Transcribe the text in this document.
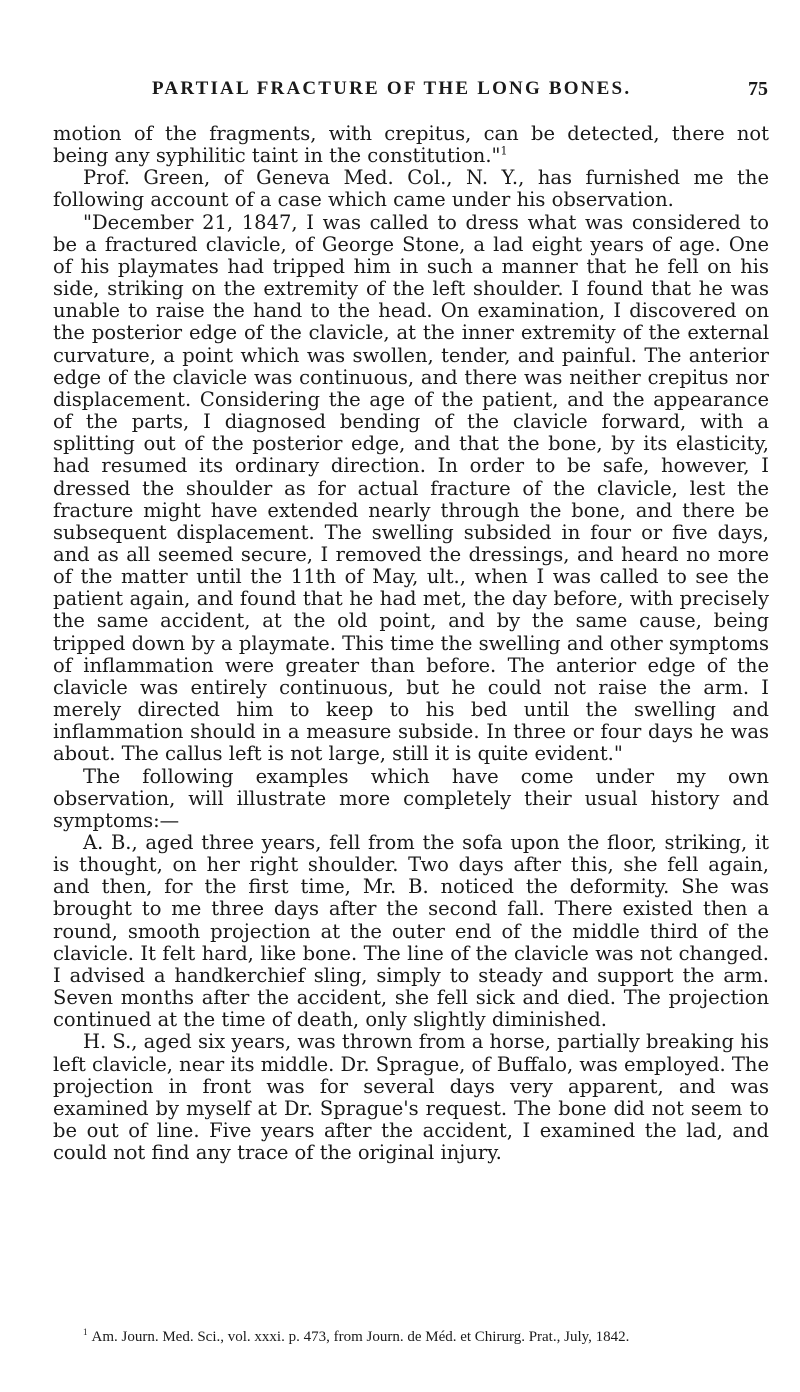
PARTIAL FRACTURE OF THE LONG BONES.	75

motion of the fragments, with crepitus, can be detected, there not being any syphilitic taint in the constitution."$^1$

Prof. Green, of Geneva Med. Col., N. Y., has furnished me the following account of a case which came under his observation.

"December 21, 1847, I was called to dress what was considered to be a fractured clavicle, of George Stone, a lad eight years of age. One of his playmates had tripped him in such a manner that he fell on his side, striking on the extremity of the left shoulder. I found that he was unable to raise the hand to the head. On examination, I discovered on the posterior edge of the clavicle, at the inner extremity of the external curvature, a point which was swollen, tender, and painful. The anterior edge of the clavicle was continuous, and there was neither crepitus nor displacement. Considering the age of the patient, and the appearance of the parts, I diagnosed bending of the clavicle forward, with a splitting out of the posterior edge, and that the bone, by its elasticity, had resumed its ordinary direction. In order to be safe, however, I dressed the shoulder as for actual fracture of the clavicle, lest the fracture might have extended nearly through the bone, and there be subsequent displacement. The swelling subsided in four or five days, and as all seemed secure, I removed the dressings, and heard no more of the matter until the 11th of May, ult., when I was called to see the patient again, and found that he had met, the day before, with precisely the same accident, at the old point, and by the same cause, being tripped down by a playmate. This time the swelling and other symptoms of inflammation were greater than before. The anterior edge of the clavicle was entirely continuous, but he could not raise the arm. I merely directed him to keep to his bed until the swelling and inflammation should in a measure subside. In three or four days he was about. The callus left is not large, still it is quite evident."

The following examples which have come under my own observation, will illustrate more completely their usual history and symptoms:—

A. B., aged three years, fell from the sofa upon the floor, striking, it is thought, on her right shoulder. Two days after this, she fell again, and then, for the first time, Mr. B. noticed the deformity. She was brought to me three days after the second fall. There existed then a round, smooth projection at the outer end of the middle third of the clavicle. It felt hard, like bone. The line of the clavicle was not changed. I advised a handkerchief sling, simply to steady and support the arm. Seven months after the accident, she fell sick and died. The projection continued at the time of death, only slightly diminished.

H. S., aged six years, was thrown from a horse, partially breaking his left clavicle, near its middle. Dr. Sprague, of Buffalo, was employed. The projection in front was for several days very apparent, and was examined by myself at Dr. Sprague's request. The bone did not seem to be out of line. Five years after the accident, I examined the lad, and could not find any trace of the original injury.

$^1$ Am. Journ. Med. Sci., vol. xxxi. p. 473, from Journ. de Méd. et Chirurg. Prat., July, 1842.
